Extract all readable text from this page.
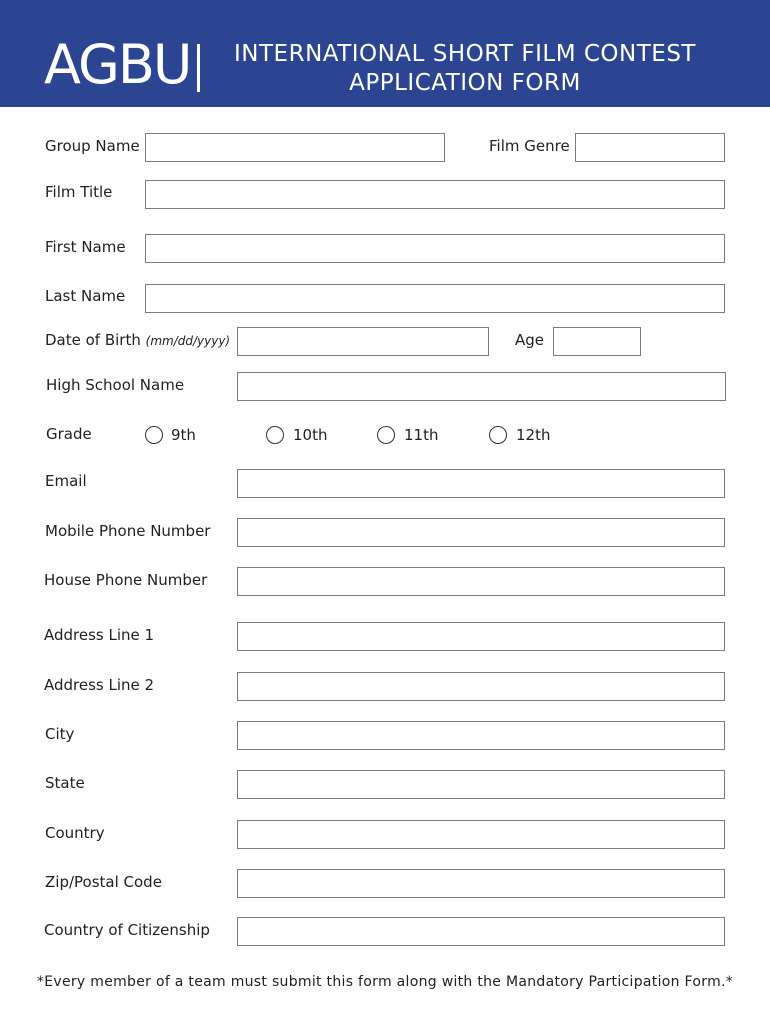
AGBU	INTERNATIONAL SHORT FILM CONTEST
APPLICATION FORM
Group Name	Film Genre
Film Title
First Name
Last Name
Date of Birth (mm/dd/yyyy)	Age
High School Name
Grade	9th	10th	11th	12th
Email
Mobile Phone Number
House Phone Number
Address Line 1
Address Line 2
City
State
Country
Zip/Postal Code
Country of Citizenship
*Every member of a team must submit this form along with the Mandatory Participation Form.*
